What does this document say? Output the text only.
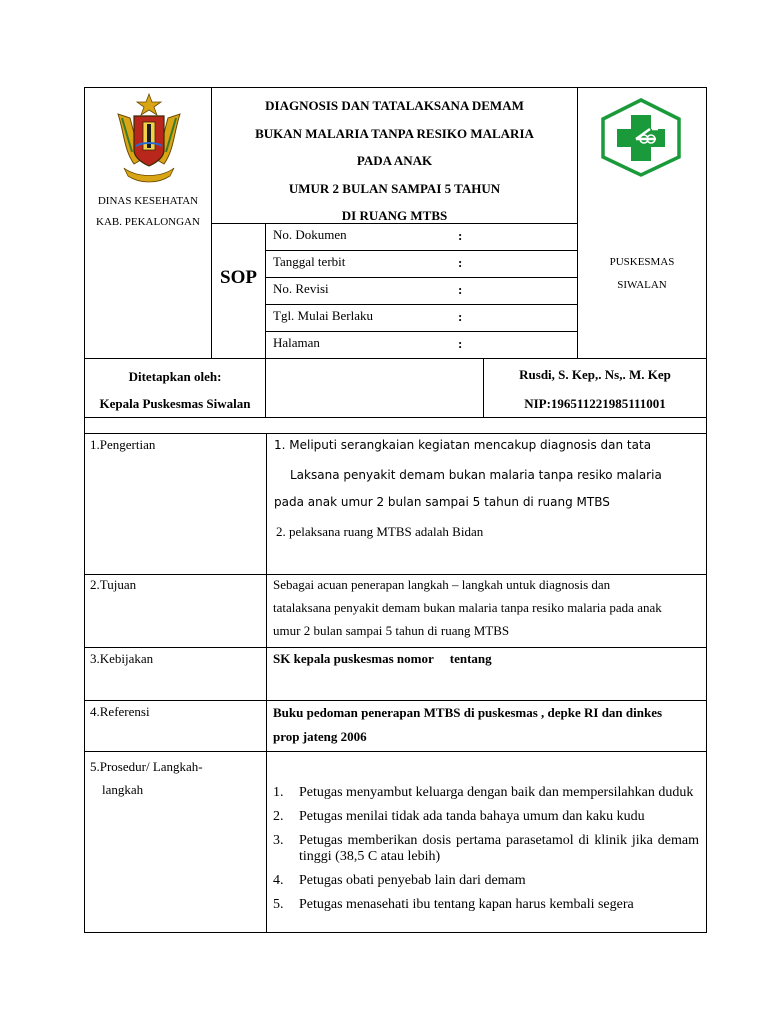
DINAS KESEHATAN
KAB. PEKALONGAN
DIAGNOSIS DAN TATALAKSANA DEMAM
BUKAN MALARIA TANPA RESIKO MALARIA
PADA ANAK
UMUR 2 BULAN SAMPAI 5 TAHUN
DI RUANG MTBS
SOP
No. Dokumen	:
Tanggal terbit	:
No. Revisi	:
Tgl. Mulai Berlaku	:
Halaman	:
PUSKESMAS
SIWALAN
Ditetapkan oleh:
Kepala Puskesmas Siwalan
Rusdi, S. Kep,. Ns,. M. Kep
NIP:196511221985111001
1.Pengertian	1. Meliputi serangkaian kegiatan mencakup diagnosis dan tata
Laksana penyakit demam bukan malaria tanpa resiko malaria
pada anak umur 2 bulan sampai 5 tahun di ruang MTBS
2. pelaksana ruang MTBS adalah Bidan
2.Tujuan	Sebagai acuan penerapan langkah – langkah untuk diagnosis dan
tatalaksana penyakit demam bukan malaria tanpa resiko malaria pada anak
umur 2 bulan sampai 5 tahun di ruang MTBS
3.Kebijakan	SK kepala puskesmas nomor     tentang
4.Referensi	Buku pedoman penerapan MTBS di puskesmas , depke RI dan dinkes
prop jateng 2006
5.Prosedur/ Langkah-
langkah	1. Petugas menyambut keluarga dengan baik dan mempersilahkan duduk
2. Petugas menilai tidak ada tanda bahaya umum dan kaku kudu
3. Petugas memberikan dosis pertama parasetamol di klinik jika demam tinggi (38,5 C atau lebih)
4. Petugas obati penyebab lain dari demam
5. Petugas menasehati ibu tentang kapan harus kembali segera
